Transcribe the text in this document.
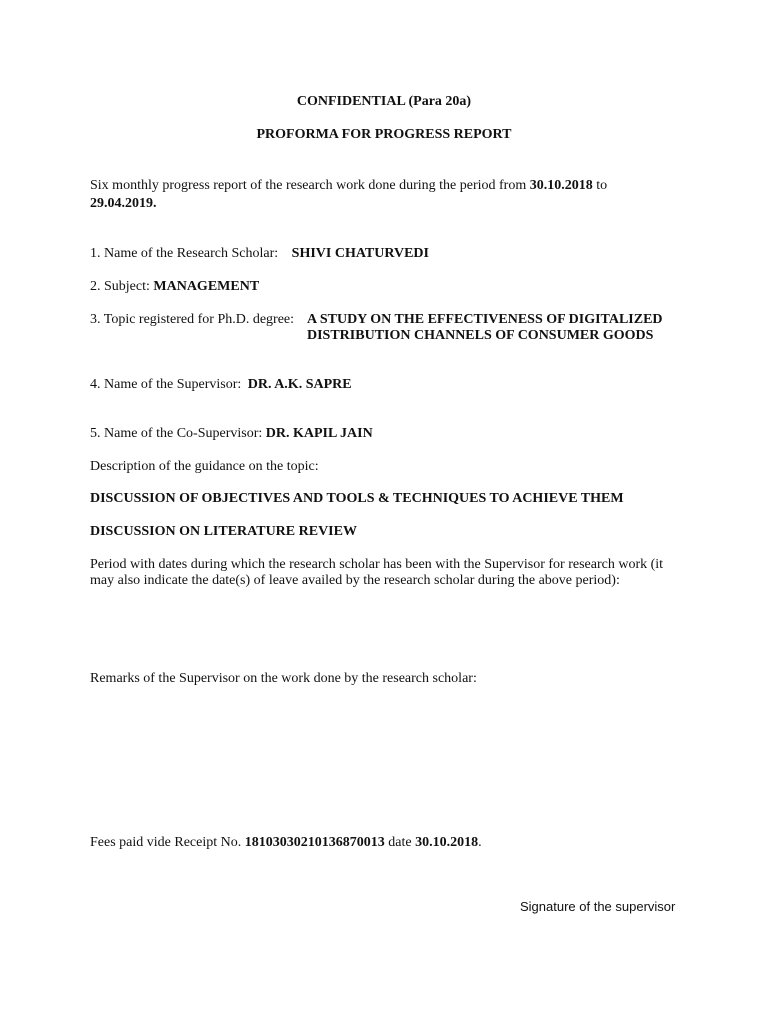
CONFIDENTIAL (Para 20a)
PROFORMA FOR PROGRESS REPORT
Six monthly progress report of the research work done during the period from 30.10.2018 to
29.04.2019.
1. Name of the Research Scholar: SHIVI CHATURVEDI
2. Subject: MANAGEMENT
3. Topic registered for Ph.D. degree: A STUDY ON THE EFFECTIVENESS OF DIGITALIZED
DISTRIBUTION CHANNELS OF CONSUMER GOODS
4. Name of the Supervisor: DR. A.K. SAPRE
5. Name of the Co-Supervisor: DR. KAPIL JAIN
Description of the guidance on the topic:
DISCUSSION OF OBJECTIVES AND TOOLS & TECHNIQUES TO ACHIEVE THEM
DISCUSSION ON LITERATURE REVIEW
Period with dates during which the research scholar has been with the Supervisor for research work (it
may also indicate the date(s) of leave availed by the research scholar during the above period):
Remarks of the Supervisor on the work done by the research scholar:
Fees paid vide Receipt No. 18103030210136870013 date 30.10.2018.
Signature of the supervisor
